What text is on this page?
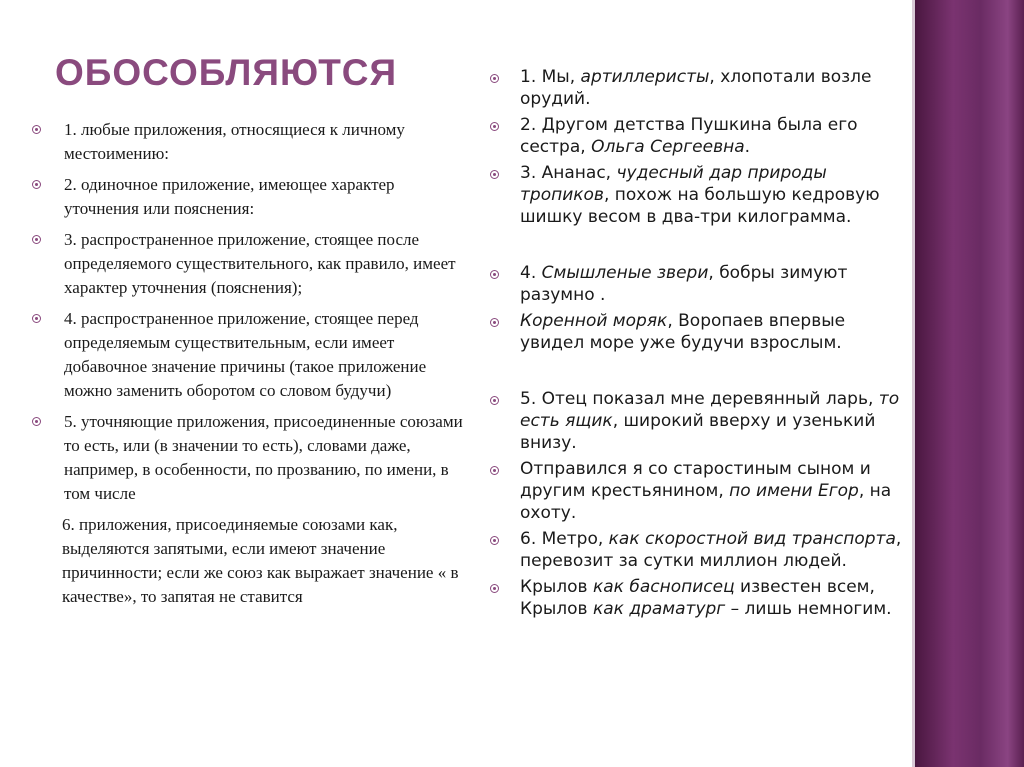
ОБОСОБЛЯЮТСЯ
1. любые приложения, относящиеся к личному местоимению:
2. одиночное приложение, имеющее характер уточнения или пояснения:
3. распространенное приложение, стоящее после определяемого существительного, как правило, имеет характер уточнения (пояснения);
4. распространенное приложение, стоящее перед определяемым существительным, если имеет добавочное значение причины (такое приложение можно заменить оборотом со словом будучи)
5. уточняющие приложения, присоединенные союзами то есть, или (в значении то есть), словами даже, например, в особенности, по прозванию, по имени, в том числе
6. приложения, присоединяемые союзами как, выделяются запятыми, если имеют значение причинности; если же союз как выражает значение « в качестве», то запятая не ставится
1. Мы, артиллеристы, хлопотали возле орудий.
2. Другом детства Пушкина была его сестра, Ольга Сергеевна.
3. Ананас, чудесный дар природы тропиков, похож на большую кедровую шишку весом в два-три килограмма.
4. Смышленые звери, бобры зимуют разумно .
Коренной моряк, Воропаев впервые увидел море уже будучи взрослым.
5. Отец показал мне деревянный ларь, то есть ящик, широкий вверху и узенький внизу.
Отправился я со старостиным сыном и другим крестьянином, по имени Егор, на охоту.
6. Метро, как скоростной вид транспорта, перевозит за сутки миллион людей.
Крылов как баснописец известен всем, Крылов как драматург – лишь немногим.
